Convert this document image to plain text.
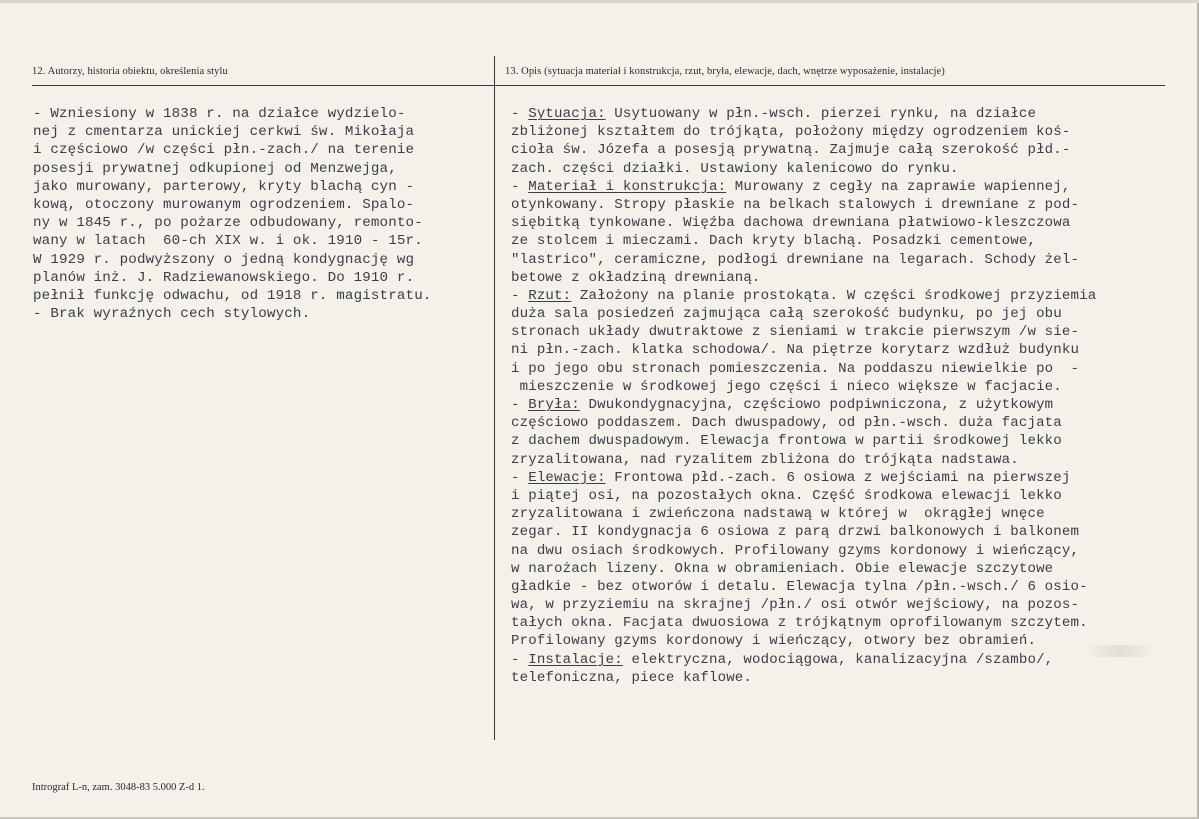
12. Autorzy, historia obiektu, określenia stylu	13. Opis (sytuacja materiał i konstrukcja, rzut, bryła, elewacje, dach, wnętrze wyposażenie, instalacje)
- Wzniesiony w 1838 r. na działce wydzielo-
nej z cmentarza unickiej cerkwi św. Mikołaja
i częściowo /w części płn.-zach./ na terenie
posesji prywatnej odkupionej od Menzwejga,
jako murowany, parterowy, kryty blachą cyn -
kową, otoczony murowanym ogrodzeniem. Spalo-
ny w 1845 r., po pożarze odbudowany, remonto-
wany w latach  60-ch XIX w. i ok. 1910 - 15r.
W 1929 r. podwyższony o jedną kondygnację wg
planów inż. J. Radziewanowskiego. Do 1910 r.
pełnił funkcję odwachu, od 1918 r. magistratu.
- Brak wyraźnych cech stylowych.
- Sytuacja: Usytuowany w płn.-wsch. pierzei rynku, na działce
zbliżonej kształtem do trójkąta, położony między ogrodzeniem koś-
cioła św. Józefa a posesją prywatną. Zajmuje całą szerokość płd.-
zach. części działki. Ustawiony kalenicowo do rynku.
- Materiał i konstrukcja: Murowany z cegły na zaprawie wapiennej,
otynkowany. Stropy płaskie na belkach stalowych i drewniane z pod-
siębitką tynkowane. Więźba dachowa drewniana płatwiowo-kleszczowa
ze stolcem i mieczami. Dach kryty blachą. Posadzki cementowe,
"lastrico", ceramiczne, podłogi drewniane na legarach. Schody żel-
betowe z okładziną drewnianą.
- Rzut: Założony na planie prostokąta. W części środkowej przyziemia
duża sala posiedzeń zajmująca całą szerokość budynku, po jej obu
stronach układy dwutraktowe z sieniami w trakcie pierwszym /w sie-
ni płn.-zach. klatka schodowa/. Na piętrze korytarz wzdłuż budynku
i po jego obu stronach pomieszczenia. Na poddaszu niewielkie po  -
mieszczenie w środkowej jego części i nieco większe w facjacie.
- Bryła: Dwukondygnacyjna, częściowo podpiwniczona, z użytkowym
częściowo poddaszem. Dach dwuspadowy, od płn.-wsch. duża facjata
z dachem dwuspadowym. Elewacja frontowa w partii środkowej lekko
zryzalitowana, nad ryzalitem zbliżona do trójkąta nadstawa.
- Elewacje: Frontowa płd.-zach. 6 osiowa z wejściami na pierwszej
i piątej osi, na pozostałych okna. Część środkowa elewacji lekko
zryzalitowana i zwieńczona nadstawą w której w  okrągłej wnęce
zegar. II kondygnacja 6 osiowa z parą drzwi balkonowych i balkonem
na dwu osiach środkowych. Profilowany gzyms kordonowy i wieńczący,
w narożach lizeny. Okna w obramieniach. Obie elewacje szczytowe
gładkie - bez otworów i detalu. Elewacja tylna /płn.-wsch./ 6 osio-
wa, w przyziemiu na skrajnej /płn./ osi otwór wejściowy, na pozos-
tałych okna. Facjata dwuosiowa z trójkątnym oprofilowanym szczytem.
Profilowany gzyms kordonowy i wieńczący, otwory bez obramień.
- Instalacje: elektryczna, wodociągowa, kanalizacyjna /szambo/,
telefoniczna, piece kaflowe.
Intrograf L-n, zam. 3048-83 5.000 Z-d 1.
